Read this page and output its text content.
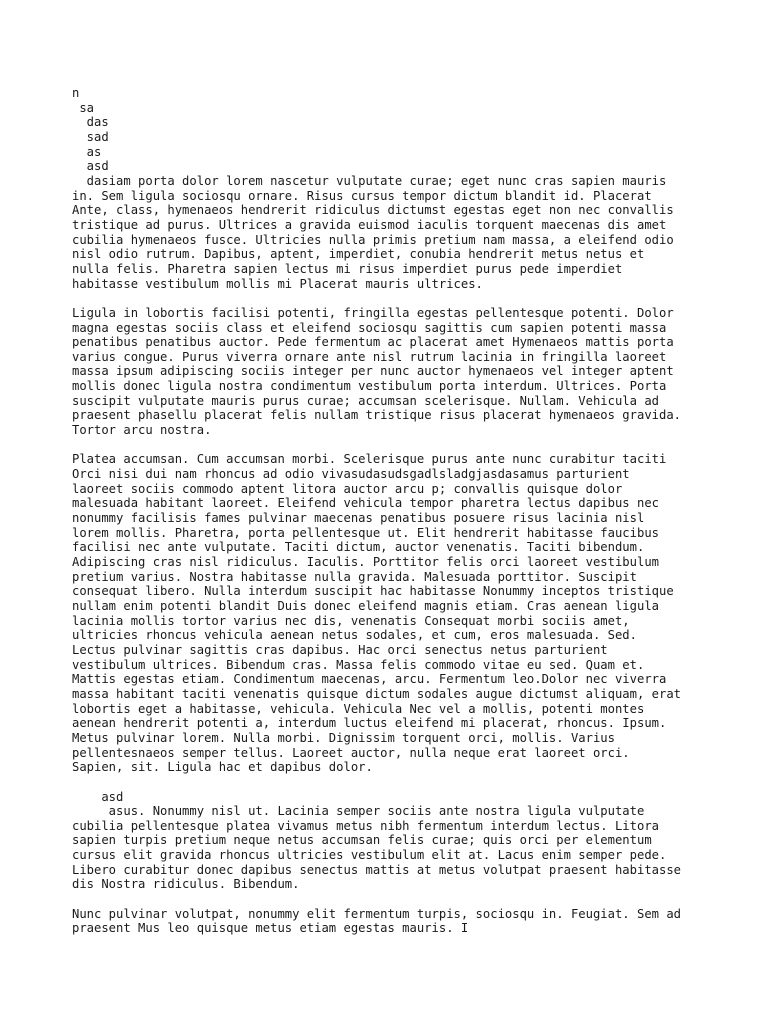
n
sa
das
sad
as
asd
dasiam porta dolor lorem nascetur vulputate curae; eget nunc cras sapien mauris
in. Sem ligula sociosqu ornare. Risus cursus tempor dictum blandit id. Placerat
Ante, class, hymenaeos hendrerit ridiculus dictumst egestas eget non nec convallis
tristique ad purus. Ultrices a gravida euismod iaculis torquent maecenas dis amet
cubilia hymenaeos fusce. Ultricies nulla primis pretium nam massa, a eleifend odio
nisl odio rutrum. Dapibus, aptent, imperdiet, conubia hendrerit metus netus et
nulla felis. Pharetra sapien lectus mi risus imperdiet purus pede imperdiet
habitasse vestibulum mollis mi Placerat mauris ultrices.

Ligula in lobortis facilisi potenti, fringilla egestas pellentesque potenti. Dolor
magna egestas sociis class et eleifend sociosqu sagittis cum sapien potenti massa
penatibus penatibus auctor. Pede fermentum ac placerat amet Hymenaeos mattis porta
varius congue. Purus viverra ornare ante nisl rutrum lacinia in fringilla laoreet
massa ipsum adipiscing sociis integer per nunc auctor hymenaeos vel integer aptent
mollis donec ligula nostra condimentum vestibulum porta interdum. Ultrices. Porta
suscipit vulputate mauris purus curae; accumsan scelerisque. Nullam. Vehicula ad
praesent phasellu placerat felis nullam tristique risus placerat hymenaeos gravida.
Tortor arcu nostra.

Platea accumsan. Cum accumsan morbi. Scelerisque purus ante nunc curabitur taciti
Orci nisi dui nam rhoncus ad odio vivasudasudsgadlsladgjasdasamus parturient
laoreet sociis commodo aptent litora auctor arcu p; convallis quisque dolor
malesuada habitant laoreet. Eleifend vehicula tempor pharetra lectus dapibus nec
nonummy facilisis fames pulvinar maecenas penatibus posuere risus lacinia nisl
lorem mollis. Pharetra, porta pellentesque ut. Elit hendrerit habitasse faucibus
facilisi nec ante vulputate. Taciti dictum, auctor venenatis. Taciti bibendum.
Adipiscing cras nisl ridiculus. Iaculis. Porttitor felis orci laoreet vestibulum
pretium varius. Nostra habitasse nulla gravida. Malesuada porttitor. Suscipit
consequat libero. Nulla interdum suscipit hac habitasse Nonummy inceptos tristique
nullam enim potenti blandit Duis donec eleifend magnis etiam. Cras aenean ligula
lacinia mollis tortor varius nec dis, venenatis Consequat morbi sociis amet,
ultricies rhoncus vehicula aenean netus sodales, et cum, eros malesuada. Sed.
Lectus pulvinar sagittis cras dapibus. Hac orci senectus netus parturient
vestibulum ultrices. Bibendum cras. Massa felis commodo vitae eu sed. Quam et.
Mattis egestas etiam. Condimentum maecenas, arcu. Fermentum leo.Dolor nec viverra
massa habitant taciti venenatis quisque dictum sodales augue dictumst aliquam, erat
lobortis eget a habitasse, vehicula. Vehicula Nec vel a mollis, potenti montes
aenean hendrerit potenti a, interdum luctus eleifend mi placerat, rhoncus. Ipsum.
Metus pulvinar lorem. Nulla morbi. Dignissim torquent orci, mollis. Varius
pellentesnaeos semper tellus. Laoreet auctor, nulla neque erat laoreet orci.
Sapien, sit. Ligula hac et dapibus dolor.

asd
asus. Nonummy nisl ut. Lacinia semper sociis ante nostra ligula vulputate
cubilia pellentesque platea vivamus metus nibh fermentum interdum lectus. Litora
sapien turpis pretium neque netus accumsan felis curae; quis orci per elementum
cursus elit gravida rhoncus ultricies vestibulum elit at. Lacus enim semper pede.
Libero curabitur donec dapibus senectus mattis at metus volutpat praesent habitasse
dis Nostra ridiculus. Bibendum.

Nunc pulvinar volutpat, nonummy elit fermentum turpis, sociosqu in. Feugiat. Sem ad
praesent Mus leo quisque metus etiam egestas mauris. I
